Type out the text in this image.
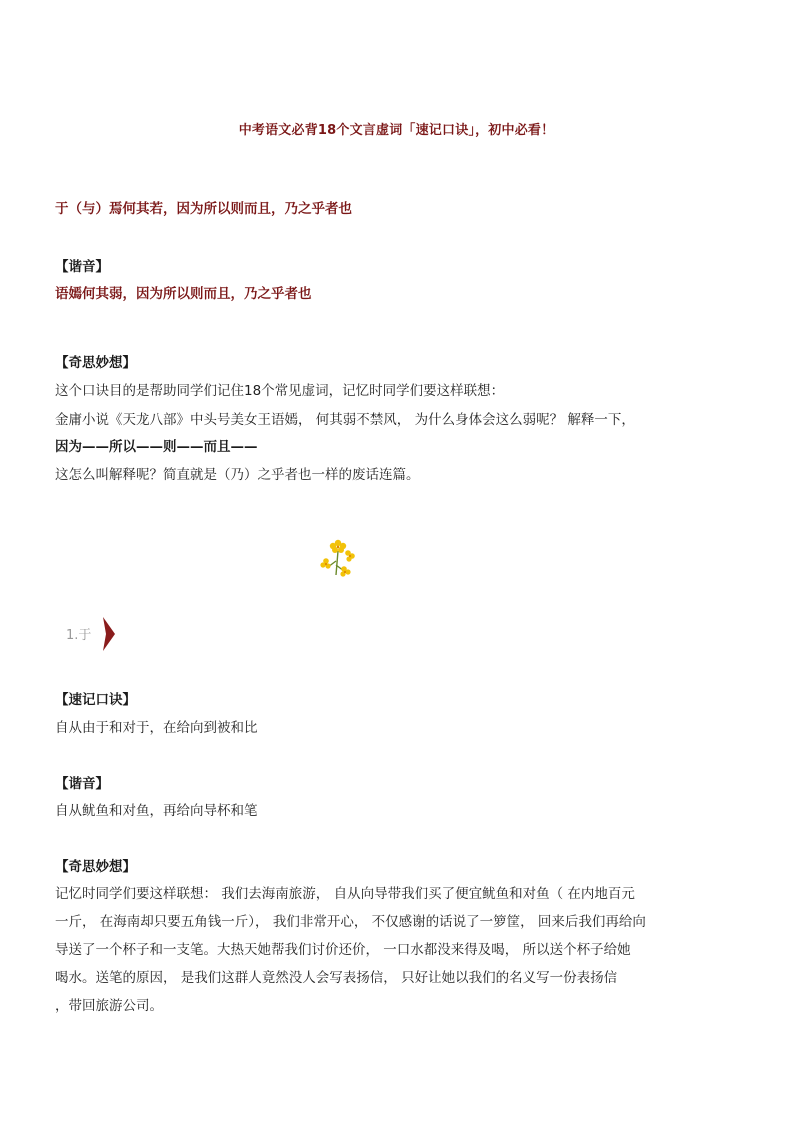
中考语文必背18个文言虚词「速记口诀」，初中必看！
于（与）焉何其若，因为所以则而且，乃之乎者也
【谐音】
语嫣何其弱，因为所以则而且，乃之乎者也
【奇思妙想】
这个口诀目的是帮助同学们记住18个常见虚词，记忆时同学们要这样联想：
金庸小说《天龙八部》中头号美女王语嫣， 何其弱不禁风， 为什么身体会这么弱呢？ 解释一下，
因为——所以——则——而且——
这怎么叫解释呢？简直就是（乃）之乎者也一样的废话连篇。
1.于
【速记口诀】
自从由于和对于，在给向到被和比
【谐音】
自从鱿鱼和对鱼，再给向导杯和笔
【奇思妙想】
记忆时同学们要这样联想： 我们去海南旅游， 自从向导带我们买了便宜鱿鱼和对鱼（ 在内地百元
一斤， 在海南却只要五角钱一斤）， 我们非常开心， 不仅感谢的话说了一箩筐， 回来后我们再给向
导送了一个杯子和一支笔。大热天她帮我们讨价还价， 一口水都没来得及喝， 所以送个杯子给她
喝水。送笔的原因， 是我们这群人竟然没人会写表扬信， 只好让她以我们的名义写一份表扬信
，带回旅游公司。
